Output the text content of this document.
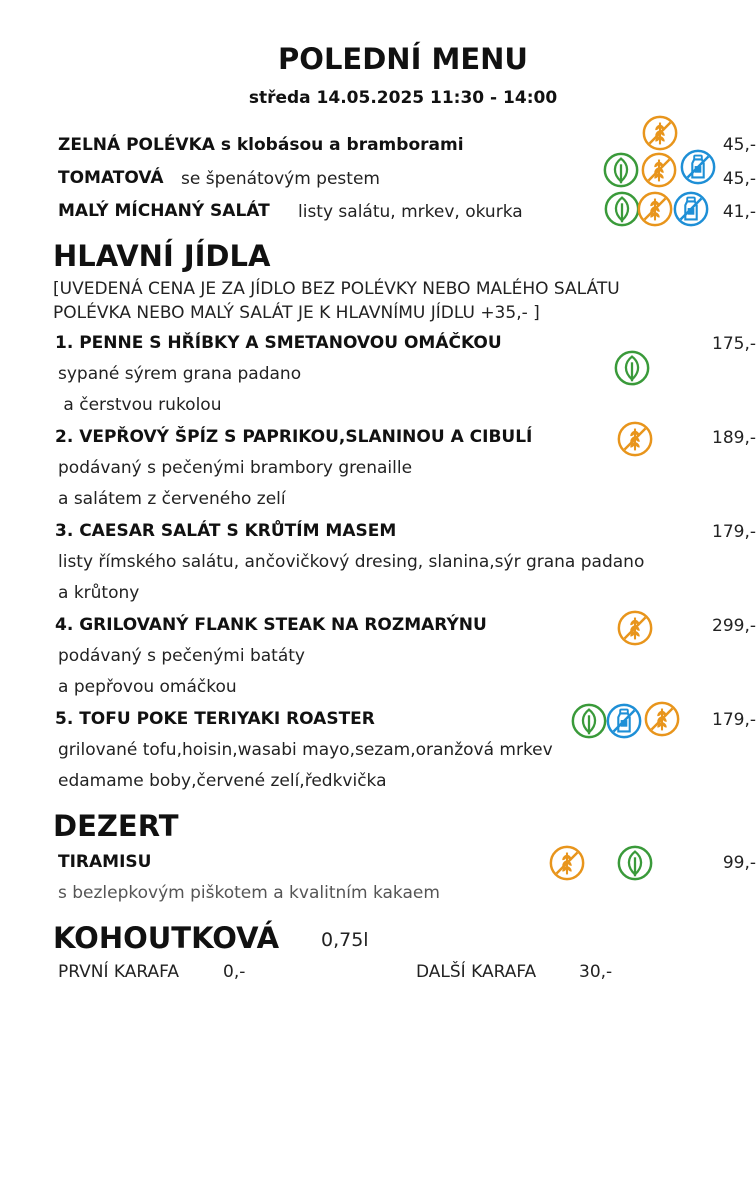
POLEDNÍ MENU
středa 14.05.2025 11:30 - 14:00
ZELNÁ POLÉVKA s klobásou a bramborami	45,-
TOMATOVÁ se špenátovým pestem	45,-
MALÝ MÍCHANÝ SALÁT listy salátu, mrkev, okurka	41,-
HLAVNÍ JÍDLA
[UVEDENÁ CENA JE ZA JÍDLO BEZ POLÉVKY NEBO MALÉHO SALÁTU
POLÉVKA NEBO MALÝ SALÁT JE K HLAVNÍMU JÍDLU +35,- ]
1. PENNE S HŘÍBKY A SMETANOVOU OMÁČKOU	175,-
sypané sýrem grana padano
a čerstvou rukolou
2. VEPŘOVÝ ŠPÍZ S PAPRIKOU,SLANINOU A CIBULÍ	189,-
podávaný s pečenými brambory grenaille
a salátem z červeného zelí
3. CAESAR SALÁT S KRŮTÍM MASEM	179,-
listy římského salátu, ančovičkový dresing, slanina,sýr grana padano
a krůtony
4. GRILOVANÝ FLANK STEAK NA ROZMARÝNU	299,-
podávaný s pečenými batáty
a pepřovou omáčkou
5. TOFU POKE TERIYAKI ROASTER	179,-
grilované tofu,hoisin,wasabi mayo,sezam,oranžová mrkev
edamame boby,červené zelí,ředkvička
DEZERT
TIRAMISU	99,-
s bezlepkovým piškotem a kvalitním kakaem
KOHOUTKOVÁ 0,75l
PRVNÍ KARAFA	0,-	DALŠÍ KARAFA	30,-
